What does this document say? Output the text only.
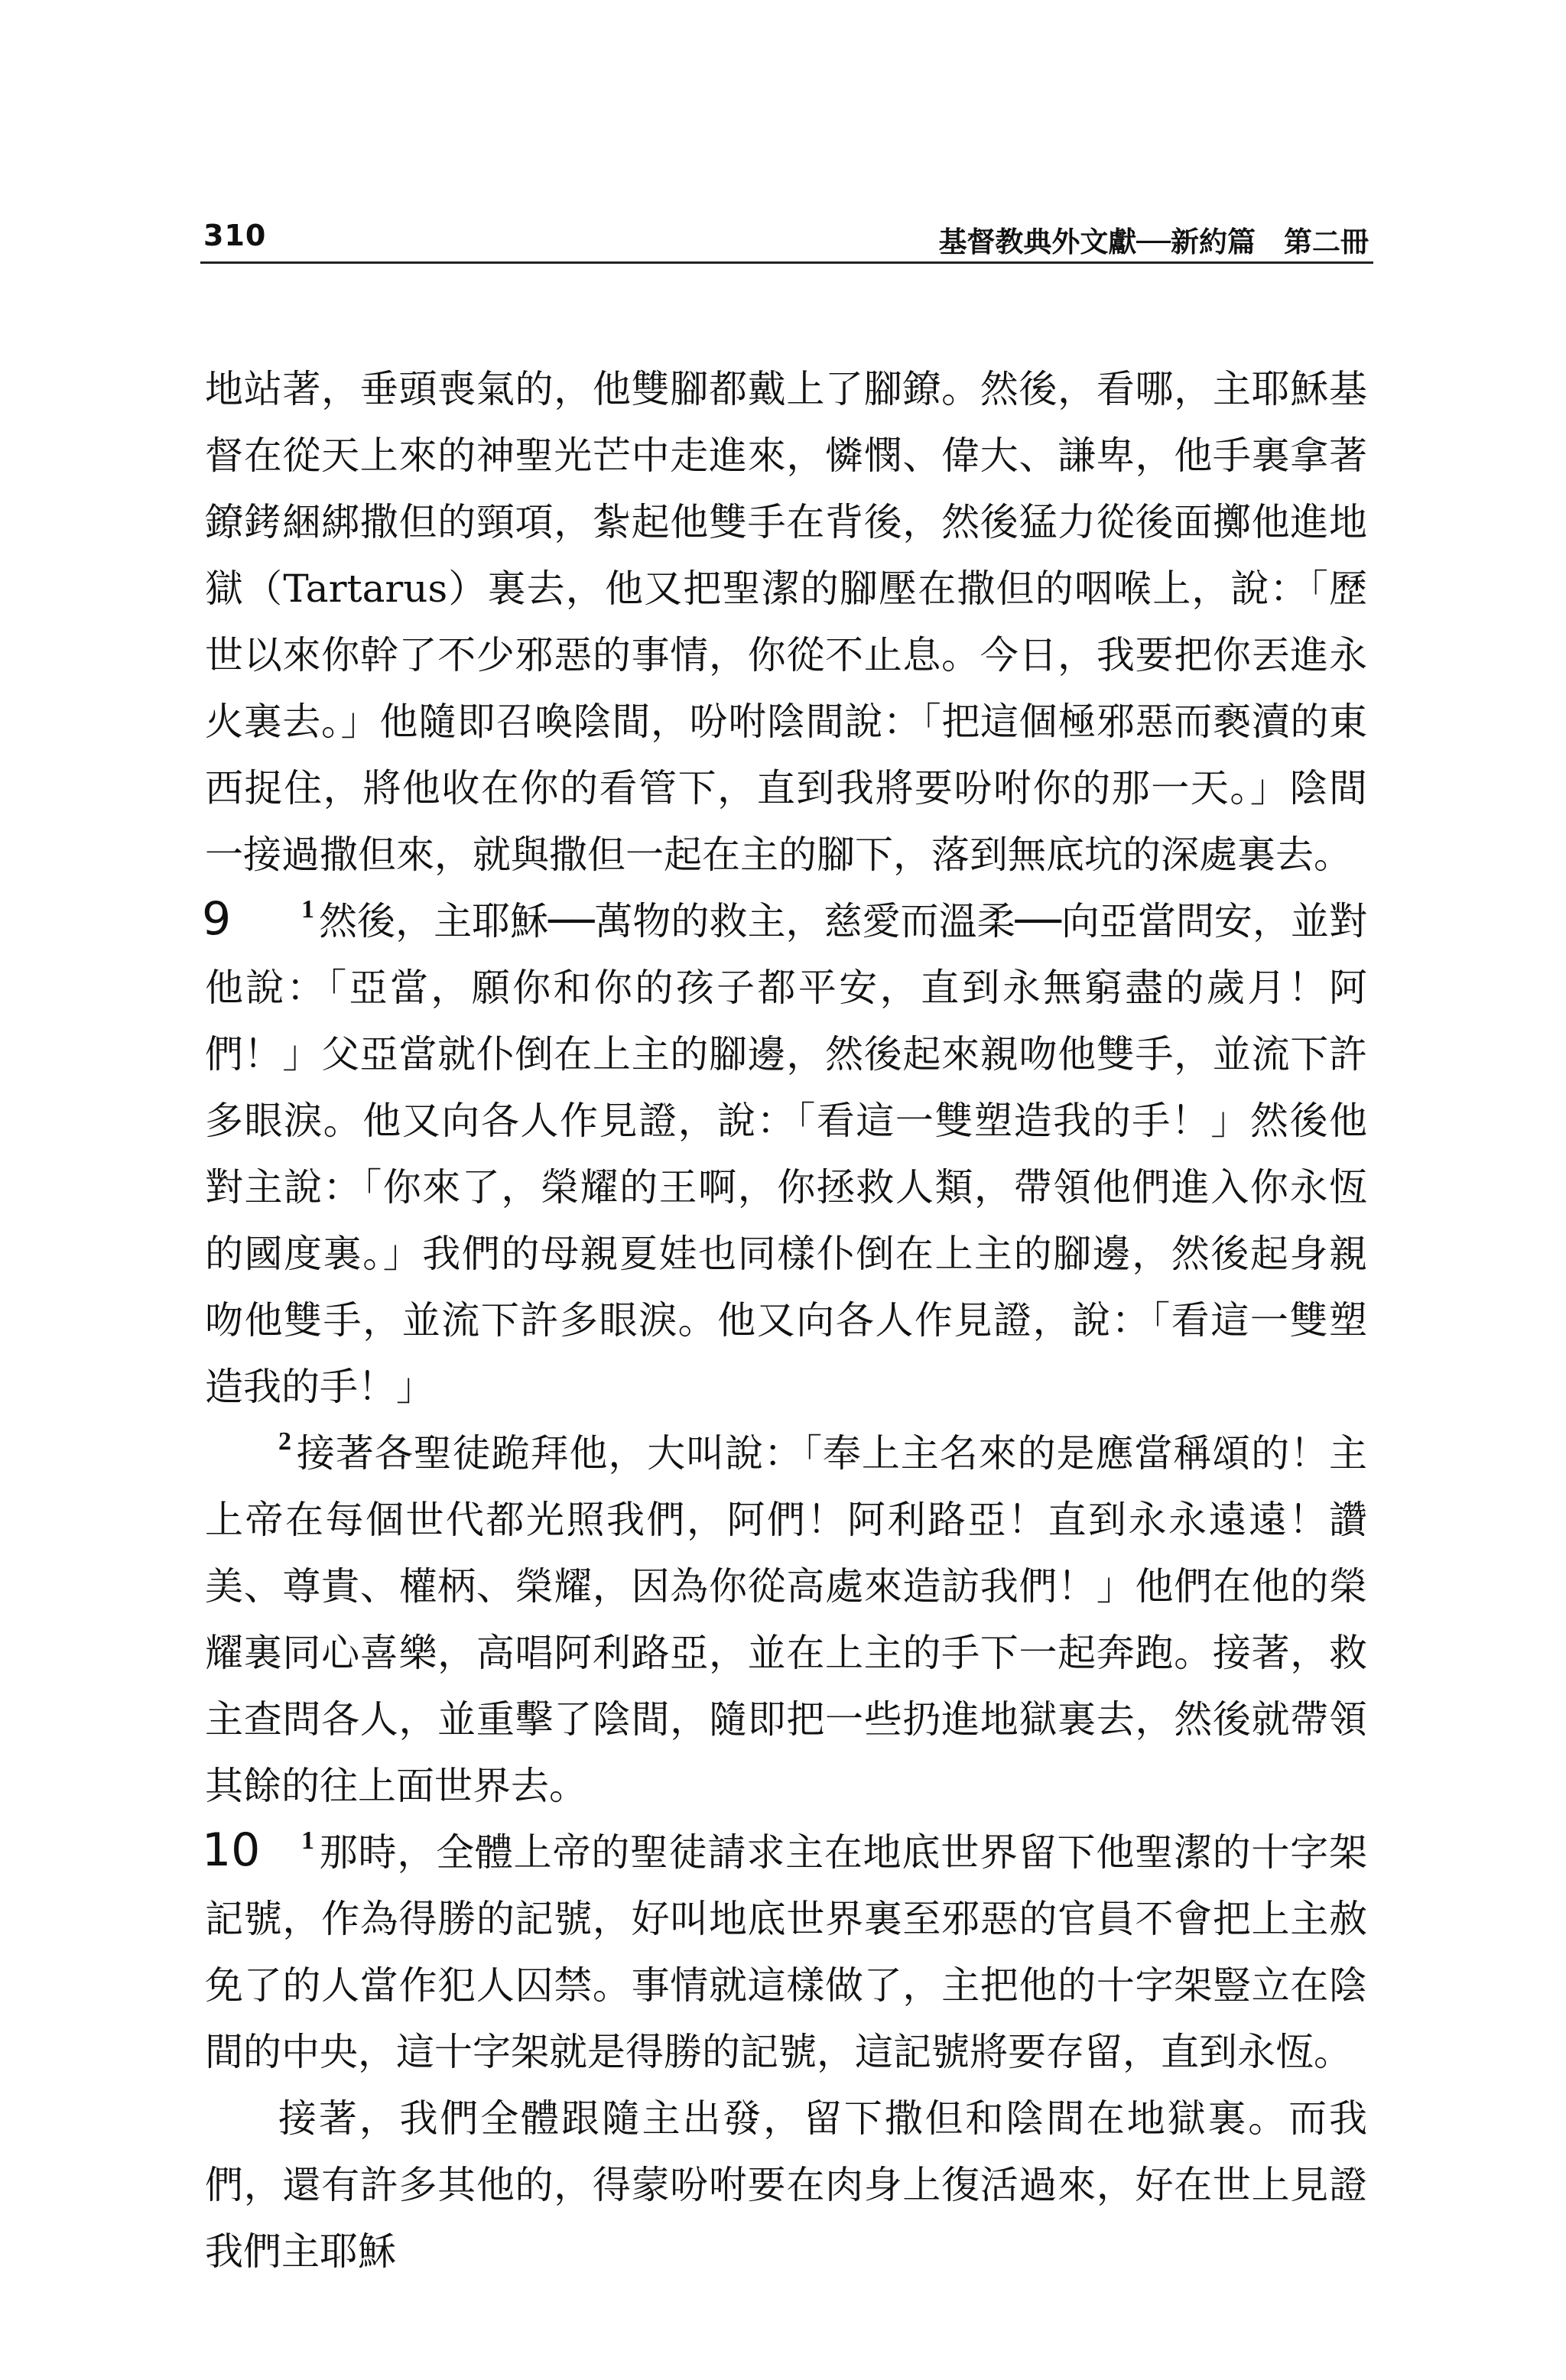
310	基督教典外文獻──新約篇　第二冊

地站著，垂頭喪氣的，他雙腳都戴上了腳鐐。然後，看哪，主耶穌基督在從天上來的神聖光芒中走進來，憐憫、偉大、謙卑，他手裏拿著鐐銬綑綁撒但的頸項，紮起他雙手在背後，然後猛力從後面擲他進地獄（Tartarus）裏去，他又把聖潔的腳壓在撒但的咽喉上，說：「歷世以來你幹了不少邪惡的事情，你從不止息。今日，我要把你丟進永火裏去。」他隨即召喚陰間，吩咐陰間說：「把這個極邪惡而褻瀆的東西捉住，將他收在你的看管下，直到我將要吩咐你的那一天。」陰間一接過撒但來，就與撒但一起在主的腳下，落到無底坑的深處裏去。

9	$^1$ 然後，主耶穌──萬物的救主，慈愛而溫柔──向亞當問安，並對他說：「亞當，願你和你的孩子都平安，直到永無窮盡的歲月！阿們！」父亞當就仆倒在上主的腳邊，然後起來親吻他雙手，並流下許多眼淚。他又向各人作見證，說：「看這一雙塑造我的手！」然後他對主說：「你來了，榮耀的王啊，你拯救人類，帶領他們進入你永恆的國度裏。」我們的母親夏娃也同樣仆倒在上主的腳邊，然後起身親吻他雙手，並流下許多眼淚。他又向各人作見證，說：「看這一雙塑造我的手！」

$^2$ 接著各聖徒跪拜他，大叫說：「奉上主名來的是應當稱頌的！主上帝在每個世代都光照我們，阿們！阿利路亞！直到永永遠遠！讚美、尊貴、權柄、榮耀，因為你從高處來造訪我們！」他們在他的榮耀裏同心喜樂，高唱阿利路亞，並在上主的手下一起奔跑。接著，救主查問各人，並重擊了陰間，隨即把一些扔進地獄裏去，然後就帶領其餘的往上面世界去。

10 $^1$ 那時，全體上帝的聖徒請求主在地底世界留下他聖潔的十字架記號，作為得勝的記號，好叫地底世界裏至邪惡的官員不會把上主赦免了的人當作犯人囚禁。事情就這樣做了，主把他的十字架豎立在陰間的中央，這十字架就是得勝的記號，這記號將要存留，直到永恆。

接著，我們全體跟隨主出發，留下撒但和陰間在地獄裏。而我們，還有許多其他的，得蒙吩咐要在肉身上復活過來，好在世上見證我們主耶穌
